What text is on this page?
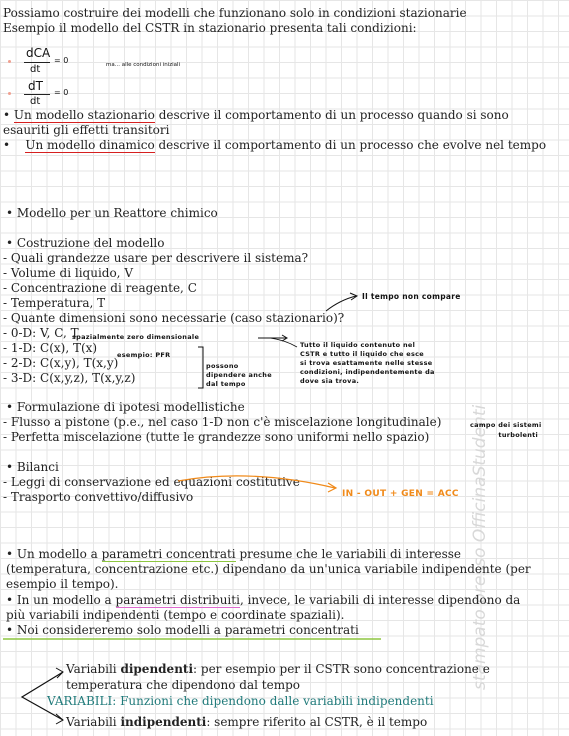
stampato presso OfficinaStudenti
Possiamo costruire dei modelli che funzionano solo in condizioni stazionarie
Esempio il modello del CSTR in stazionario presenta tali condizioni:
dCA
dt
= 0	ma... alle condizioni iniziali
dT
dt
= 0
• Un modello stazionario descrive il comportamento di un processo quando si sono
esauriti gli effetti transitori
•    Un modello dinamico descrive il comportamento di un processo che evolve nel tempo
• Modello per un Reattore chimico
• Costruzione del modello
- Quali grandezze usare per descrivere il sistema?
- Volume di liquido, V
- Concentrazione di reagente, C
- Temperatura, T
- Quante dimensioni sono necessarie (caso stazionario)?
- 0-D: V, C, T
- 1-D: C(x), T(x)
- 2-D: C(x,y), T(x,y)
- 3-D: C(x,y,z), T(x,y,z)
Il tempo non compare
spazialmente zero dimensionale
Tutto il liquido contenuto nel
CSTR e tutto il liquido che esce
si trova esattamente nelle stesse
condizioni, indipendentemente da
dove sia trova.
esempio: PFR
possono
dipendere anche
dal tempo
• Formulazione di ipotesi modellistiche
- Flusso a pistone (p.e., nel caso 1-D non c'è miscelazione longitudinale)
- Perfetta miscelazione (tutte le grandezze sono uniformi nello spazio)
campo dei sistemi
turbolenti
• Bilanci
- Leggi di conservazione ed equazioni costitutive
- Trasporto convettivo/diffusivo	IN - OUT + GEN = ACC
• Un modello a parametri concentrati presume che le variabili di interesse
(temperatura, concentrazione etc.) dipendano da un'unica variabile indipendente (per
esempio il tempo).
• In un modello a parametri distribuiti, invece, le variabili di interesse dipendono da
più variabili indipendenti (tempo e coordinate spaziali).
• Noi considereremo solo modelli a parametri concentrati
Variabili dipendenti: per esempio per il CSTR sono concentrazione e
temperatura che dipendono dal tempo
VARIABILI: Funzioni che dipendono dalle variabili indipendenti
Variabili indipendenti: sempre riferito al CSTR, è il tempo
